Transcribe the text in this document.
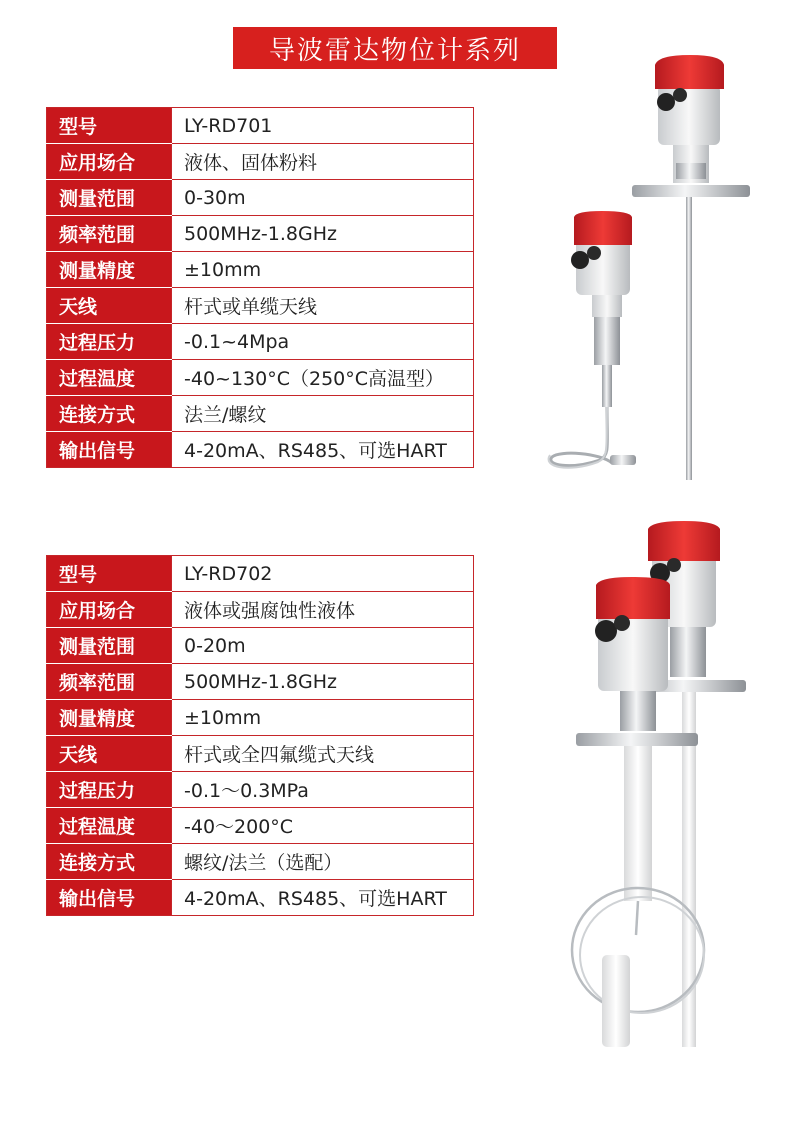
导波雷达物位计系列
型号	LY-RD701
应用场合	液体、固体粉料
测量范围	0-30m
频率范围	500MHz-1.8GHz
测量精度	±10mm
天线	杆式或单缆天线
过程压力	-0.1~4Mpa
过程温度	-40~130°C（250°C高温型）
连接方式	法兰/螺纹
输出信号	4-20mA、RS485、可选HART
型号	LY-RD702
应用场合	液体或强腐蚀性液体
测量范围	0-20m
频率范围	500MHz-1.8GHz
测量精度	±10mm
天线	杆式或全四氟缆式天线
过程压力	-0.1～0.3MPa
过程温度	-40～200°C
连接方式	螺纹/法兰（选配）
输出信号	4-20mA、RS485、可选HART
